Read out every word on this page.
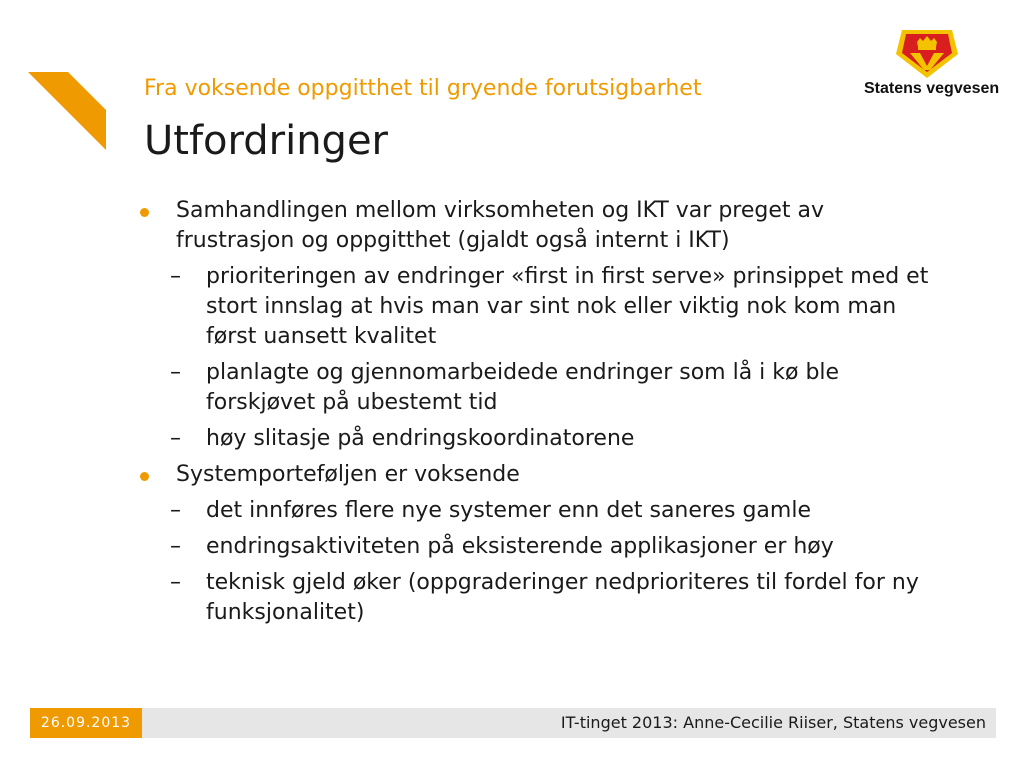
Fra voksende oppgitthet til gryende forutsigbarhet
Utfordringer
Statens vegvesen
Samhandlingen mellom virksomheten og IKT var preget av frustrasjon og oppgitthet (gjaldt også internt i IKT)
– prioriteringen av endringer «first in first serve» prinsippet med et stort innslag at hvis man var sint nok eller viktig nok kom man først uansett kvalitet
– planlagte og gjennomarbeidede endringer som lå i kø ble forskjøvet på ubestemt tid
– høy slitasje på endringskoordinatorene
Systemporteføljen er voksende
– det innføres flere nye systemer enn det saneres gamle
– endringsaktiviteten på eksisterende applikasjoner er høy
– teknisk gjeld øker (oppgraderinger nedprioriteres til fordel for ny funksjonalitet)
26.09.2013	IT-tinget 2013: Anne-Cecilie Riiser, Statens vegvesen
